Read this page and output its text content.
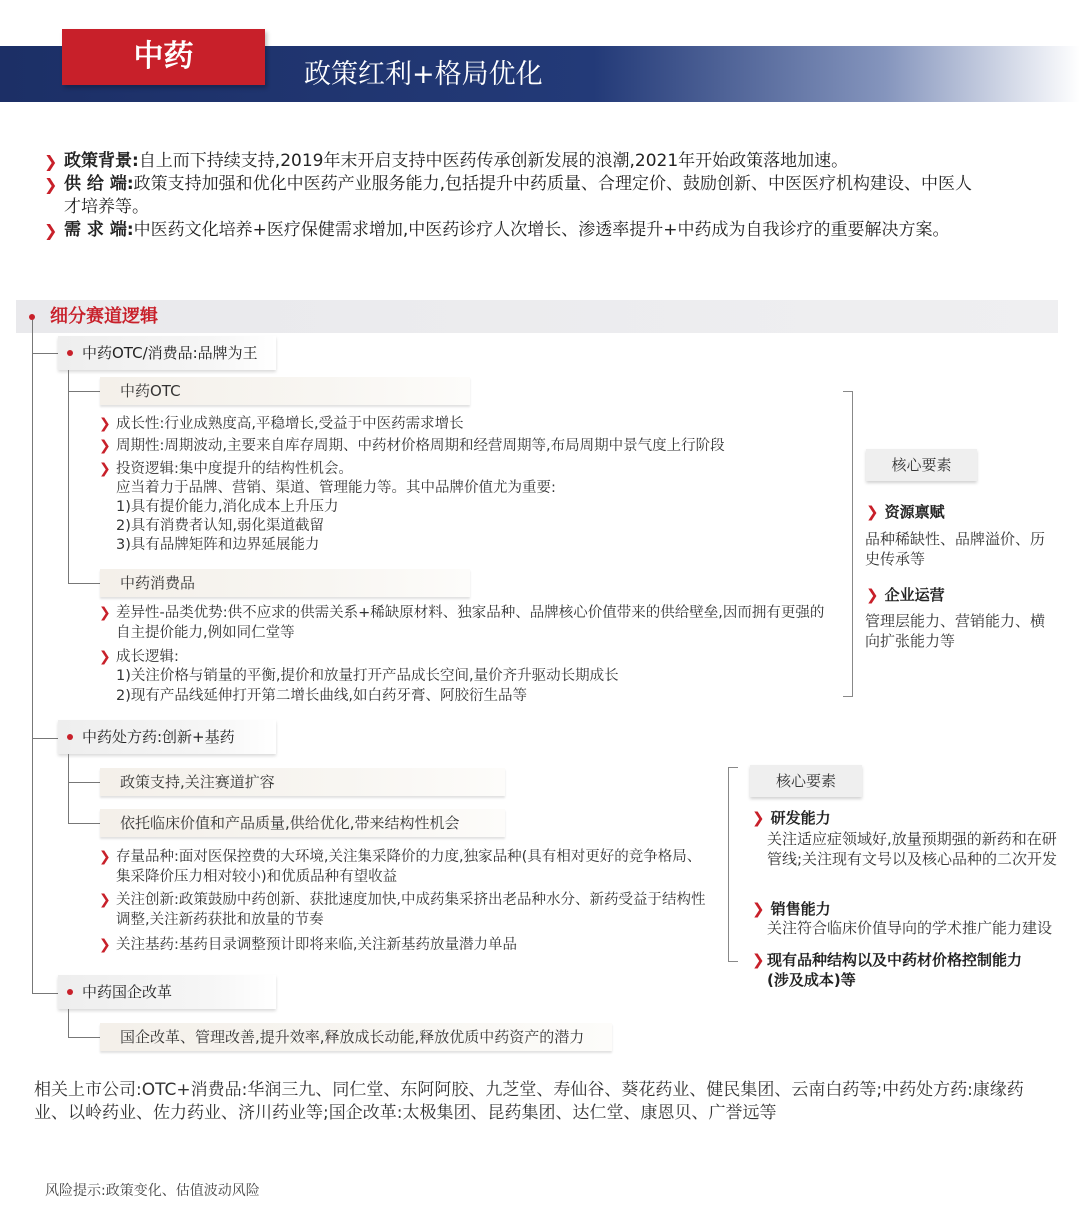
中药
政策红利+格局优化
❯ 政策背景:自上而下持续支持,2019年末开启支持中医药传承创新发展的浪潮,2021年开始政策落地加速。
❯ 供 给 端:政策支持加强和优化中医药产业服务能力,包括提升中药质量、合理定价、鼓励创新、中医医疗机构建设、中医人才培养等。
❯ 需 求 端:中医药文化培养+医疗保健需求增加,中医药诊疗人次增长、渗透率提升+中药成为自我诊疗的重要解决方案。
细分赛道逻辑
中药OTC/消费品:品牌为王
中药OTC
❯ 成长性:行业成熟度高,平稳增长,受益于中医药需求增长
❯ 周期性:周期波动,主要来自库存周期、中药材价格周期和经营周期等,布局周期中景气度上行阶段
❯ 投资逻辑:集中度提升的结构性机会。
应当着力于品牌、营销、渠道、管理能力等。其中品牌价值尤为重要:
1)具有提价能力,消化成本上升压力
2)具有消费者认知,弱化渠道截留
3)具有品牌矩阵和边界延展能力
中药消费品
❯ 差异性-品类优势:供不应求的供需关系+稀缺原材料、独家品种、品牌核心价值带来的供给壁垒,因而拥有更强的自主提价能力,例如同仁堂等
❯ 成长逻辑:
1)关注价格与销量的平衡,提价和放量打开产品成长空间,量价齐升驱动长期成长
2)现有产品线延伸打开第二增长曲线,如白药牙膏、阿胶衍生品等
核心要素
❯ 资源禀赋
品种稀缺性、品牌溢价、历史传承等
❯ 企业运营
管理层能力、营销能力、横向扩张能力等
中药处方药:创新+基药
政策支持,关注赛道扩容
依托临床价值和产品质量,供给优化,带来结构性机会
❯ 存量品种:面对医保控费的大环境,关注集采降价的力度,独家品种(具有相对更好的竞争格局、集采降价压力相对较小)和优质品种有望收益
❯ 关注创新:政策鼓励中药创新、获批速度加快,中成药集采挤出老品种水分、新药受益于结构性调整,关注新药获批和放量的节奏
❯ 关注基药:基药目录调整预计即将来临,关注新基药放量潜力单品
核心要素
❯ 研发能力
关注适应症领域好,放量预期强的新药和在研管线;关注现有文号以及核心品种的二次开发
❯ 销售能力
关注符合临床价值导向的学术推广能力建设
❯ 现有品种结构以及中药材价格控制能力(涉及成本)等
中药国企改革
国企改革、管理改善,提升效率,释放成长动能,释放优质中药资产的潜力
相关上市公司:OTC+消费品:华润三九、同仁堂、东阿阿胶、九芝堂、寿仙谷、葵花药业、健民集团、云南白药等;中药处方药:康缘药业、以岭药业、佐力药业、济川药业等;国企改革:太极集团、昆药集团、达仁堂、康恩贝、广誉远等
风险提示:政策变化、估值波动风险
